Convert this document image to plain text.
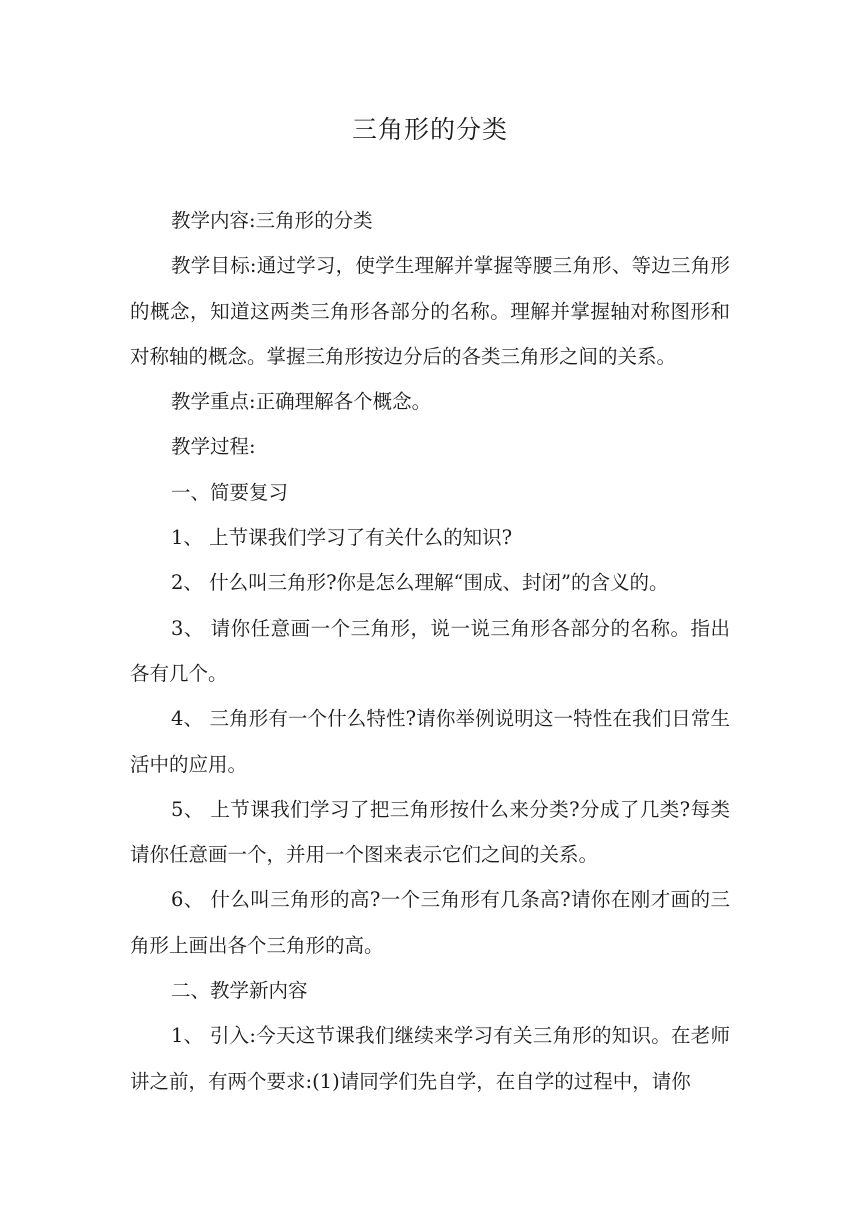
三角形的分类

教学内容:三角形的分类

教学目标:通过学习，使学生理解并掌握等腰三角形、等边三角形的概念，知道这两类三角形各部分的名称。理解并掌握轴对称图形和对称轴的概念。掌握三角形按边分后的各类三角形之间的关系。

教学重点:正确理解各个概念。

教学过程:

一、简要复习

1、 上节课我们学习了有关什么的知识?

2、 什么叫三角形?你是怎么理解“围成、封闭”的含义的。

3、 请你任意画一个三角形，说一说三角形各部分的名称。指出各有几个。

4、 三角形有一个什么特性?请你举例说明这一特性在我们日常生活中的应用。

5、 上节课我们学习了把三角形按什么来分类?分成了几类?每类请你任意画一个，并用一个图来表示它们之间的关系。

6、 什么叫三角形的高?一个三角形有几条高?请你在刚才画的三角形上画出各个三角形的高。

二、教学新内容

1、 引入:今天这节课我们继续来学习有关三角形的知识。在老师讲之前，有两个要求:(1)请同学们先自学，在自学的过程中，请你
